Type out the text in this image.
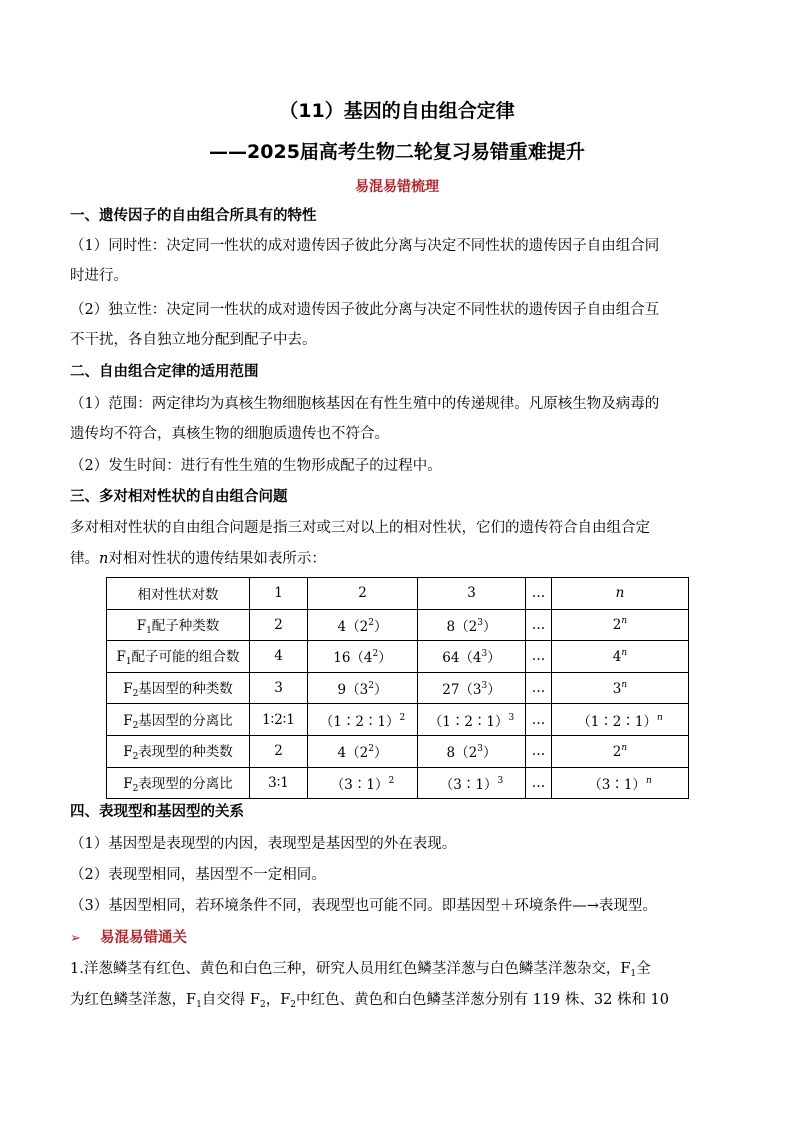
（11）基因的自由组合定律
——2025届高考生物二轮复习易错重难提升
易混易错梳理
一、遗传因子的自由组合所具有的特性
（1）同时性：决定同一性状的成对遗传因子彼此分离与决定不同性状的遗传因子自由组合同
时进行。
（2）独立性：决定同一性状的成对遗传因子彼此分离与决定不同性状的遗传因子自由组合互
不干扰，各自独立地分配到配子中去。
二、自由组合定律的适用范围
（1）范围：两定律均为真核生物细胞核基因在有性生殖中的传递规律。凡原核生物及病毒的
遗传均不符合，真核生物的细胞质遗传也不符合。
（2）发生时间：进行有性生殖的生物形成配子的过程中。
三、多对相对性状的自由组合问题
多对相对性状的自由组合问题是指三对或三对以上的相对性状，它们的遗传符合自由组合定
律。n对相对性状的遗传结果如表所示：
相对性状对数	1	2	3	…	n
$F_1$配子种类数	2	$4(2^2)$	$8(2^3)$	…	2$^n$
$F_1$配子可能的组合数	4	$16(4^2)$	$64(4^3)$	…	4$^n$
$F_2$基因型的种类数	3	$9(3^2)$	$27(3^3)$	…	3$^n$
$F_2$基因型的分离比	1∶2∶1	（1∶2∶1）$^2$	（1∶2∶1）$^3$	…	（1∶2∶1）$^n$
$F_2$表现型的种类数	2	$4(2^2)$	$8(2^3)$	…	2$^n$
$F_2$表现型的分离比	3∶1	（3∶1）$^2$	（3∶1）$^3$	…	（3∶1）$^n$
四、表现型和基因型的关系
（1）基因型是表现型的内因，表现型是基因型的外在表现。
（2）表现型相同，基因型不一定相同。
（3）基因型相同，若环境条件不同，表现型也可能不同。即基因型＋环境条件—→表现型。
➢ 易混易错通关
1.洋葱鳞茎有红色、黄色和白色三种，研究人员用红色鳞茎洋葱与白色鳞茎洋葱杂交，$F_1$全
为红色鳞茎洋葱，$F_1$自交得 $F_2$，$F_2$中红色、黄色和白色鳞茎洋葱分别有 119 株、32 株和 10
